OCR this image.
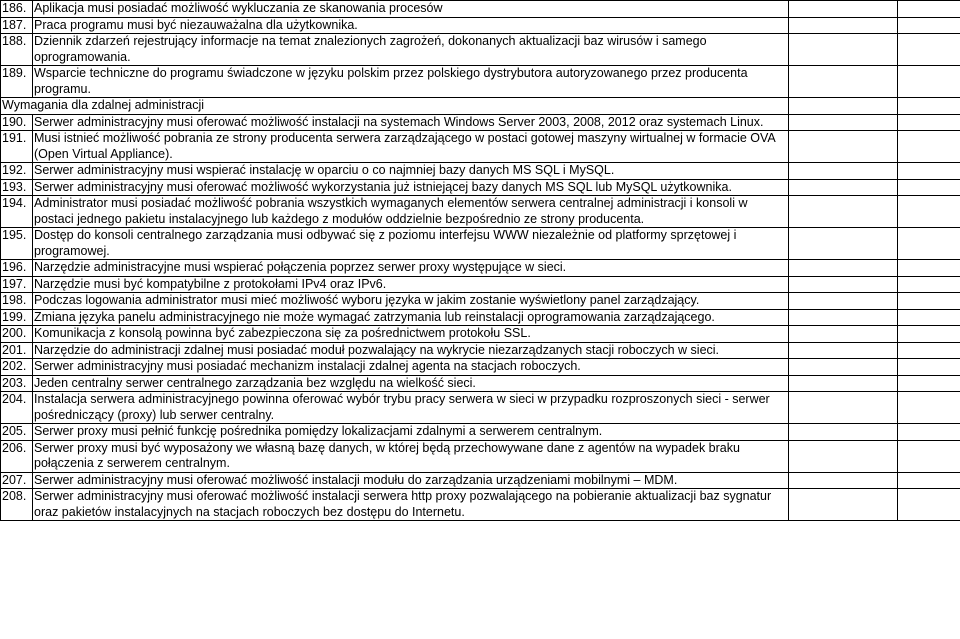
186.	Aplikacja musi posiadać możliwość wykluczania ze skanowania procesów		
187.	Praca programu musi być niezauważalna dla użytkownika.		
188.	Dziennik zdarzeń rejestrujący informacje na temat znalezionych zagrożeń, dokonanych aktualizacji baz wirusów i samego oprogramowania.		
189.	Wsparcie techniczne do programu świadczone w języku polskim przez polskiego dystrybutora autoryzowanego przez producenta programu.		
Wymagania dla zdalnej administracji			
190.	Serwer administracyjny musi oferować możliwość instalacji na systemach Windows Server 2003, 2008, 2012 oraz systemach Linux.		
191.	Musi istnieć możliwość pobrania ze strony producenta serwera zarządzającego w postaci gotowej maszyny wirtualnej w formacie OVA (Open Virtual Appliance).		
192.	Serwer administracyjny musi wspierać instalację w oparciu o co najmniej bazy danych MS SQL i MySQL.		
193.	Serwer administracyjny musi oferować możliwość wykorzystania już istniejącej bazy danych MS SQL lub MySQL użytkownika.		
194.	Administrator musi posiadać możliwość pobrania wszystkich wymaganych elementów serwera centralnej administracji i konsoli w postaci jednego pakietu instalacyjnego lub każdego z modułów oddzielnie bezpośrednio ze strony producenta.		
195.	Dostęp do konsoli centralnego zarządzania musi odbywać się z poziomu interfejsu WWW niezależnie od platformy sprzętowej i programowej.		
196.	Narzędzie administracyjne musi wspierać połączenia poprzez serwer proxy występujące w sieci.		
197.	Narzędzie musi być kompatybilne z protokołami IPv4 oraz IPv6.		
198.	Podczas logowania administrator musi mieć możliwość wyboru języka w jakim zostanie wyświetlony panel zarządzający.		
199.	Zmiana języka panelu administracyjnego nie może wymagać zatrzymania lub reinstalacji oprogramowania zarządzającego.		
200.	Komunikacja z konsolą powinna być zabezpieczona się za pośrednictwem protokołu SSL.		
201.	Narzędzie do administracji zdalnej musi posiadać moduł pozwalający na wykrycie niezarządzanych stacji roboczych w sieci.		
202.	Serwer administracyjny musi posiadać mechanizm instalacji zdalnej agenta na stacjach roboczych.		
203.	Jeden centralny serwer centralnego zarządzania bez względu na wielkość sieci.		
204.	Instalacja serwera administracyjnego powinna oferować wybór trybu pracy serwera w sieci w przypadku rozproszonych sieci - serwer pośredniczący (proxy) lub serwer centralny.		
205.	Serwer proxy musi pełnić funkcję pośrednika pomiędzy lokalizacjami zdalnymi a serwerem centralnym.		
206.	Serwer proxy musi być wyposażony we własną bazę danych, w której będą przechowywane dane z agentów na wypadek braku połączenia z serwerem centralnym.		
207.	Serwer administracyjny musi oferować możliwość instalacji modułu do zarządzania urządzeniami mobilnymi – MDM.		
208.	Serwer administracyjny musi oferować możliwość instalacji serwera http proxy pozwalającego na pobieranie aktualizacji baz sygnatur oraz pakietów instalacyjnych na stacjach roboczych bez dostępu do Internetu.		
